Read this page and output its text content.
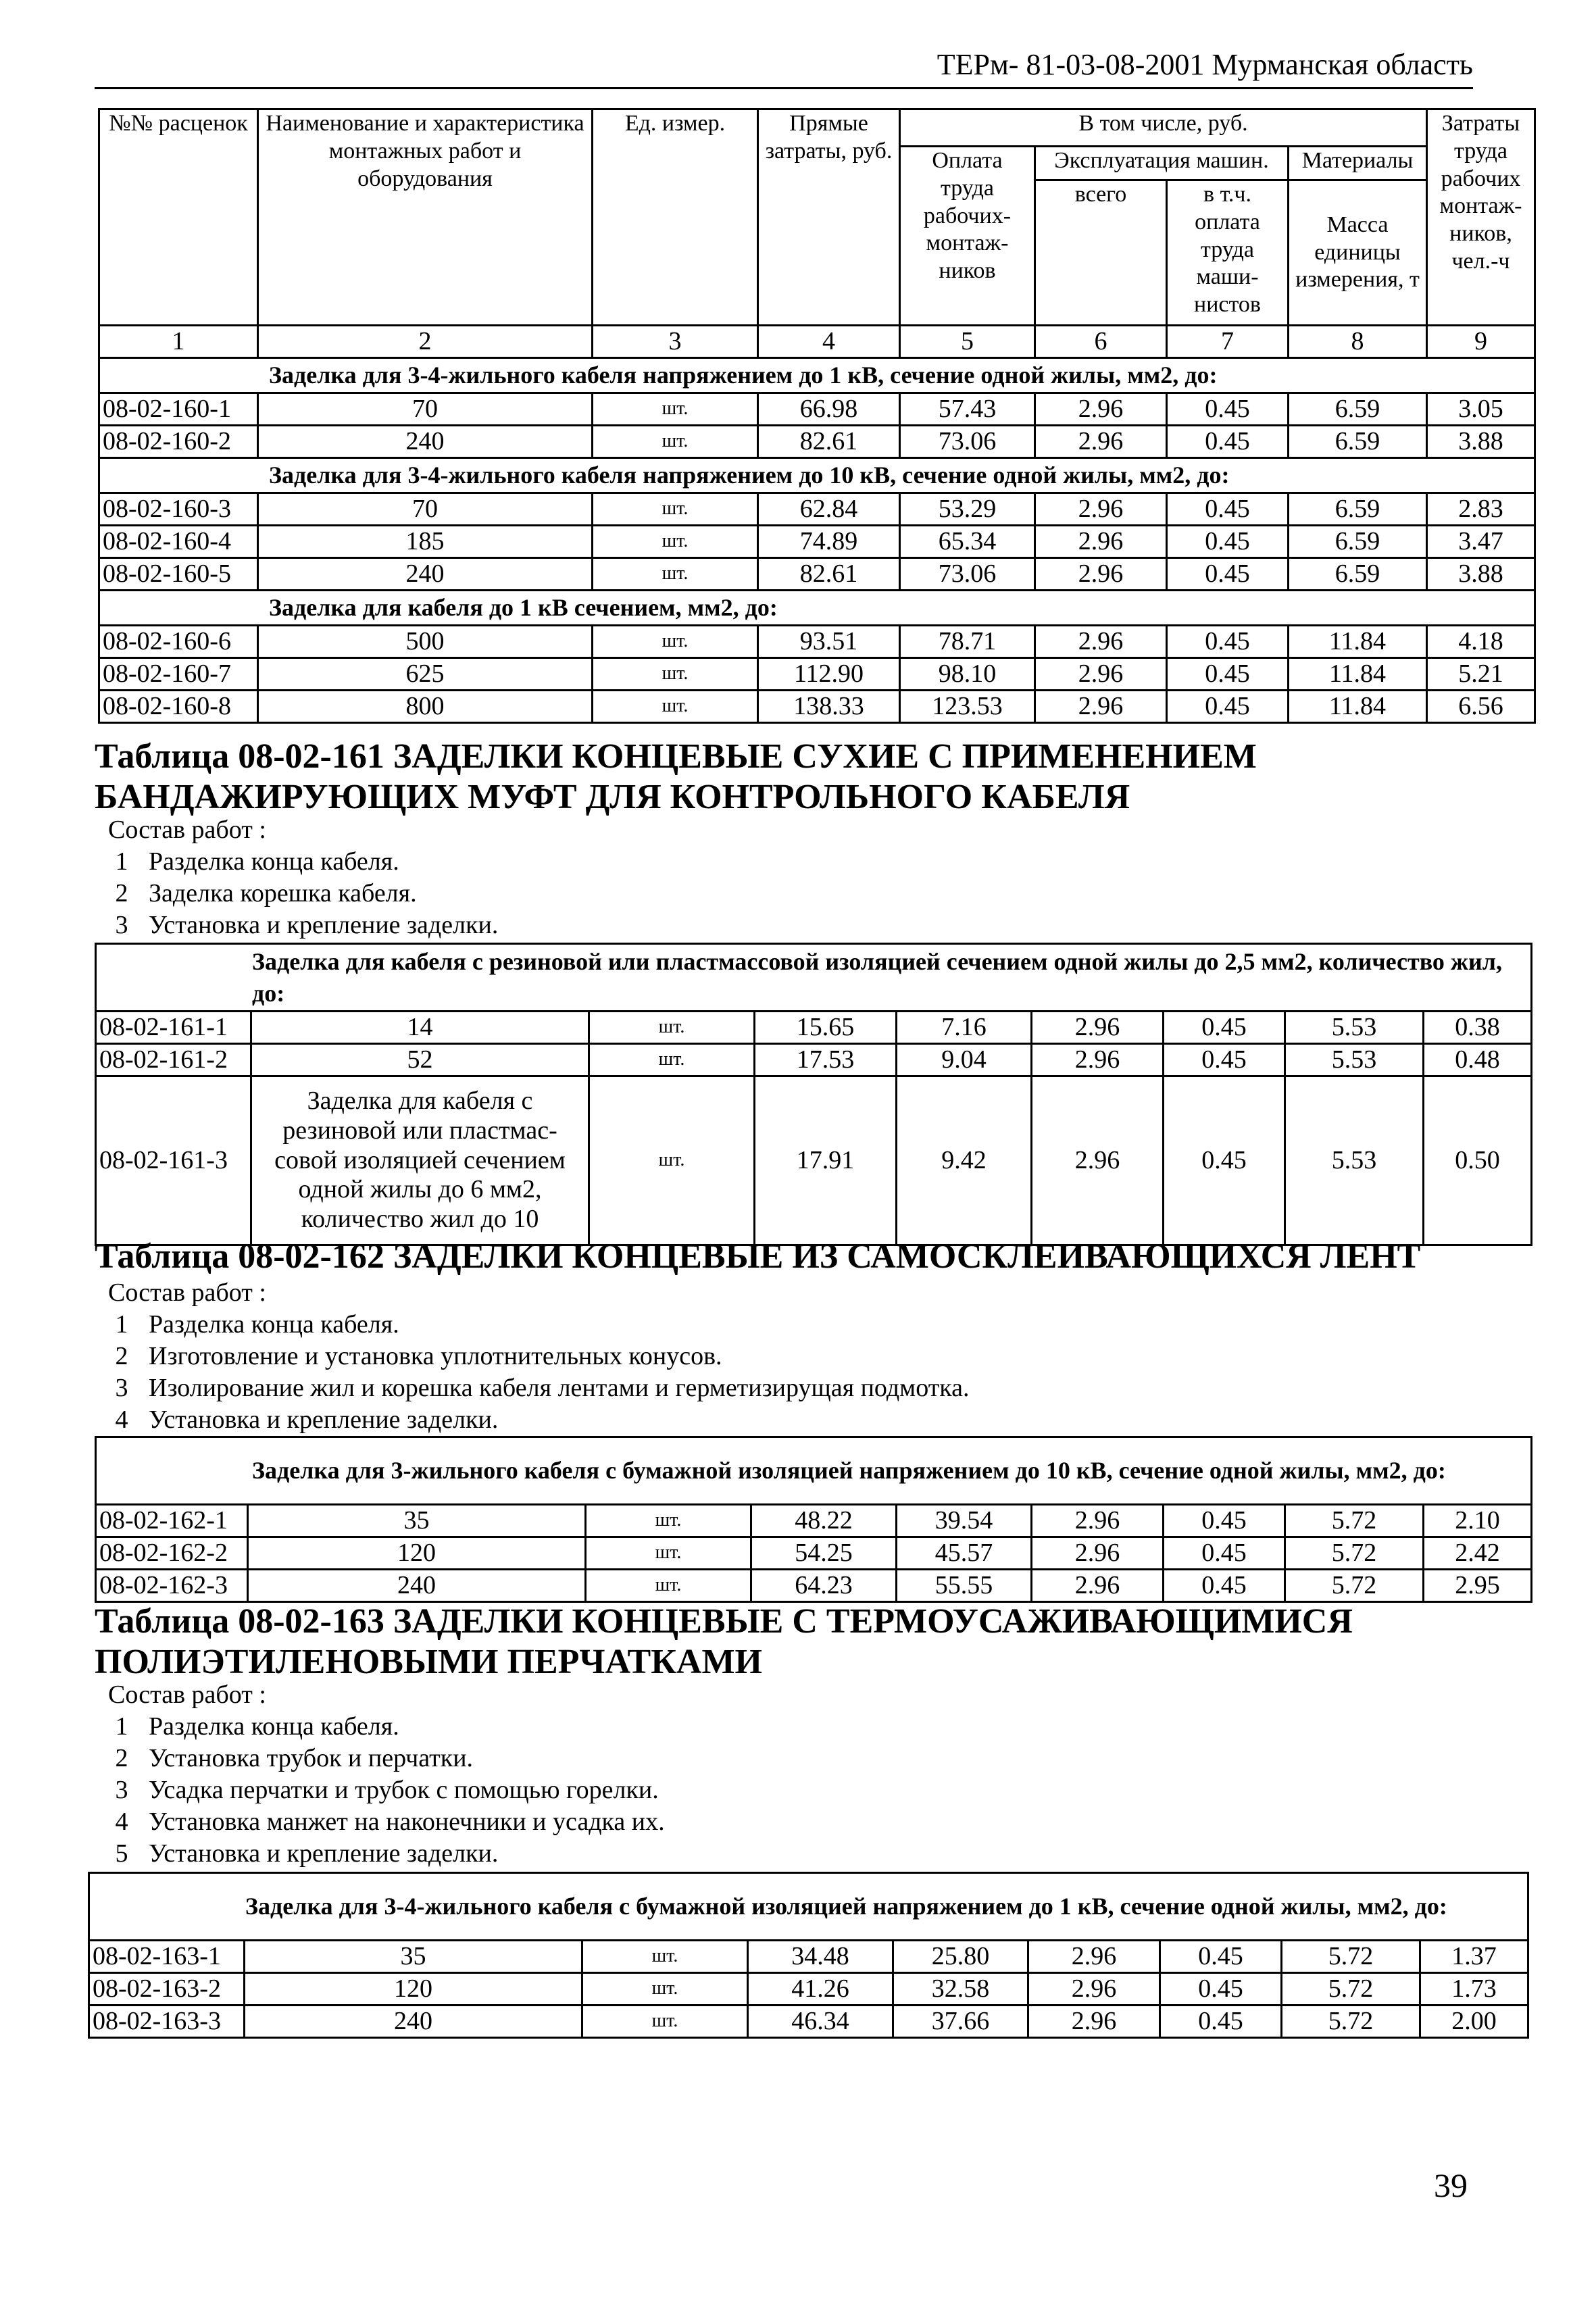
ТЕРм- 81-03-08-2001 Мурманская область
№№ расценок	Наименование и характеристика монтажных работ и оборудования	Ед. измер.	Прямые затраты, руб.	В том числе, руб.				Затраты труда рабочих монтаж-ников, чел.-ч
				Оплата труда рабочих-монтаж-ников	Эксплуатация машин.		Материалы	
					всего	в т.ч. оплата труда маши-нистов	Масса единицы измерения, т	
1	2	3	4	5	6	7	8	9
Заделка для 3-4-жильного кабеля напряжением до 1 кВ, сечение одной жилы, мм2, до:								
08-02-160-1	70	шт.	66.98	57.43	2.96	0.45	6.59	3.05
08-02-160-2	240	шт.	82.61	73.06	2.96	0.45	6.59	3.88
Заделка для 3-4-жильного кабеля напряжением до 10 кВ, сечение одной жилы, мм2, до:								
08-02-160-3	70	шт.	62.84	53.29	2.96	0.45	6.59	2.83
08-02-160-4	185	шт.	74.89	65.34	2.96	0.45	6.59	3.47
08-02-160-5	240	шт.	82.61	73.06	2.96	0.45	6.59	3.88
Заделка для кабеля до 1 кВ сечением, мм2, до:								
08-02-160-6	500	шт.	93.51	78.71	2.96	0.45	11.84	4.18
08-02-160-7	625	шт.	112.90	98.10	2.96	0.45	11.84	5.21
08-02-160-8	800	шт.	138.33	123.53	2.96	0.45	11.84	6.56
Таблица 08-02-161 ЗАДЕЛКИ КОНЦЕВЫЕ СУХИЕ С ПРИМЕНЕНИЕМ БАНДАЖИРУЮЩИХ МУФТ ДЛЯ КОНТРОЛЬНОГО КАБЕЛЯ
Состав работ :
1 Разделка конца кабеля.
2 Заделка корешка кабеля.
3 Установка и крепление заделки.
Заделка для кабеля с резиновой или пластмассовой изоляцией сечением одной жилы до 2,5 мм2, количество жил, до:								
08-02-161-1	14	шт.	15.65	7.16	2.96	0.45	5.53	0.38
08-02-161-2	52	шт.	17.53	9.04	2.96	0.45	5.53	0.48
08-02-161-3	Заделка для кабеля с резиновой или пластмас-совой изоляцией сечением одной жилы до 6 мм2, количество жил до 10	шт.	17.91	9.42	2.96	0.45	5.53	0.50
Таблица 08-02-162 ЗАДЕЛКИ КОНЦЕВЫЕ ИЗ САМОСКЛЕИВАЮЩИХСЯ ЛЕНТ
Состав работ :
1 Разделка конца кабеля.
2 Изготовление и установка уплотнительных конусов.
3 Изолирование жил и корешка кабеля лентами и герметизирущая подмотка.
4 Установка и крепление заделки.
Заделка для 3-жильного кабеля с бумажной изоляцией напряжением до 10 кВ, сечение одной жилы, мм2, до:								
08-02-162-1	35	шт.	48.22	39.54	2.96	0.45	5.72	2.10
08-02-162-2	120	шт.	54.25	45.57	2.96	0.45	5.72	2.42
08-02-162-3	240	шт.	64.23	55.55	2.96	0.45	5.72	2.95
Таблица 08-02-163 ЗАДЕЛКИ КОНЦЕВЫЕ С ТЕРМОУСАЖИВАЮЩИМИСЯ ПОЛИЭТИЛЕНОВЫМИ ПЕРЧАТКАМИ
Состав работ :
1 Разделка конца кабеля.
2 Установка трубок и перчатки.
3 Усадка перчатки и трубок с помощью горелки.
4 Установка манжет на наконечники и усадка их.
5 Установка и крепление заделки.
Заделка для 3-4-жильного кабеля с бумажной изоляцией напряжением до 1 кВ, сечение одной жилы, мм2, до:								
08-02-163-1	35	шт.	34.48	25.80	2.96	0.45	5.72	1.37
08-02-163-2	120	шт.	41.26	32.58	2.96	0.45	5.72	1.73
08-02-163-3	240	шт.	46.34	37.66	2.96	0.45	5.72	2.00
39
